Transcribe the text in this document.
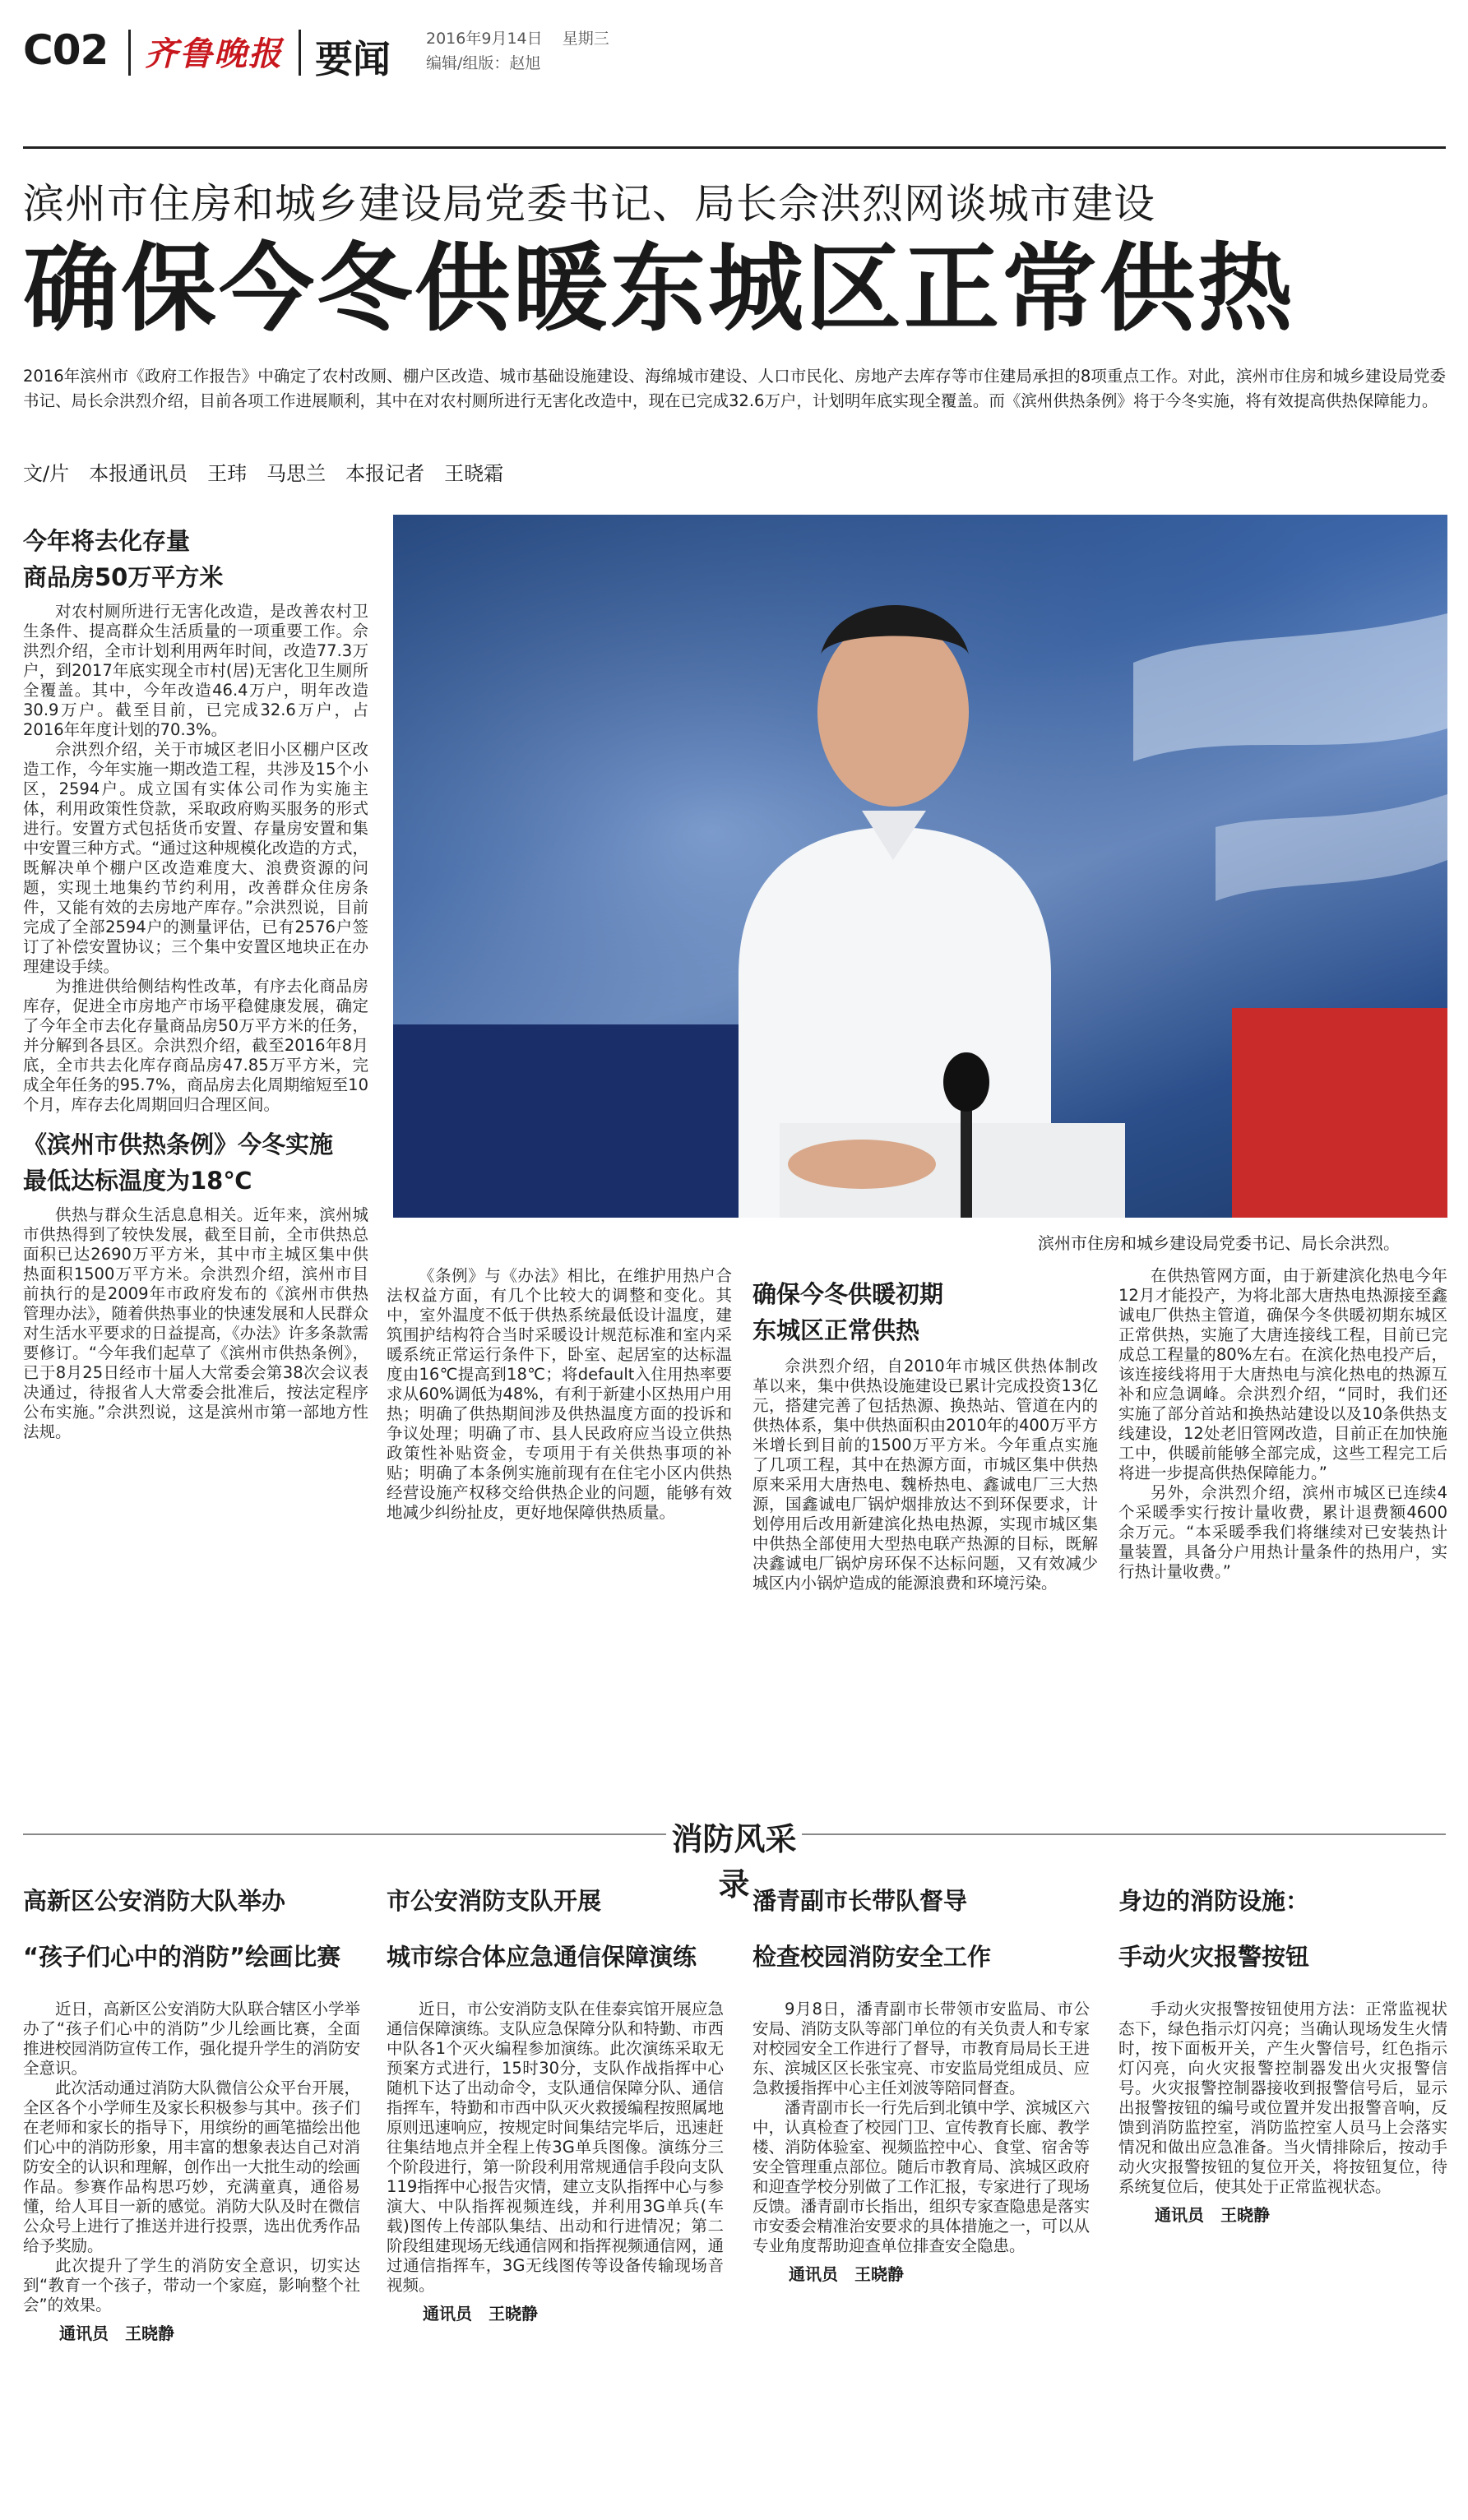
C02 齐鲁晚报 要闻 2016年9月14日 星期三
编辑/组版：赵旭
滨州市住房和城乡建设局党委书记、局长佘洪烈网谈城市建设
确保今冬供暖东城区正常供热
2016年滨州市《政府工作报告》中确定了农村改厕、棚户区改造、城市基础设施建设、海绵城市建设、人口市民化、房地产去库存等市住建局承担的8项重点工作。对此，滨州市住房和城乡建设局党委书记、局长佘洪烈介绍，目前各项工作进展顺利，其中在对农村厕所进行无害化改造中，现在已完成32.6万户，计划明年底实现全覆盖。而《滨州供热条例》将于今冬实施，将有效提高供热保障能力。
文/片　本报通讯员　王玮　马思兰　本报记者　王晓霜
今年将去化存量
商品房50万平方米

对农村厕所进行无害化改造，是改善农村卫生条件、提高群众生活质量的一项重要工作。佘洪烈介绍，全市计划利用两年时间，改造77.3万户，到2017年底实现全市村(居)无害化卫生厕所全覆盖。其中，今年改造46.4万户，明年改造30.9万户。截至目前，已完成32.6万户，占2016年年度计划的70.3%。

佘洪烈介绍，关于市城区老旧小区棚户区改造工作，今年实施一期改造工程，共涉及15个小区，2594户。成立国有实体公司作为实施主体，利用政策性贷款，采取政府购买服务的形式进行。安置方式包括货币安置、存量房安置和集中安置三种方式。“通过这种规模化改造的方式，既解决单个棚户区改造难度大、浪费资源的问题，实现土地集约节约利用，改善群众住房条件，又能有效的去房地产库存。”佘洪烈说，目前完成了全部2594户的测量评估，已有2576户签订了补偿安置协议；三个集中安置区地块正在办理建设手续。

为推进供给侧结构性改革，有序去化商品房库存，促进全市房地产市场平稳健康发展，确定了今年全市去化存量商品房50万平方米的任务，并分解到各县区。佘洪烈介绍，截至2016年8月底，全市共去化库存商品房47.85万平方米，完成全年任务的95.7%，商品房去化周期缩短至10个月，库存去化周期回归合理区间。

《滨州市供热条例》今冬实施
最低达标温度为18℃

供热与群众生活息息相关。近年来，滨州城市供热得到了较快发展，截至目前，全市供热总面积已达2690万平方米，其中市主城区集中供热面积1500万平方米。佘洪烈介绍，滨州市目前执行的是2009年市政府发布的《滨州市供热管理办法》，随着供热事业的快速发展和人民群众对生活水平要求的日益提高，《办法》许多条款需要修订。“今年我们起草了《滨州市供热条例》，已于8月25日经市十届人大常委会第38次会议表决通过，待报省人大常委会批准后，按法定程序公布实施。”佘洪烈说，这是滨州市第一部地方性法规。

滨州市住房和城乡建设局党委书记、局长佘洪烈。

《条例》与《办法》相比，在维护用热户合法权益方面，有几个比较大的调整和变化。其中，室外温度不低于供热系统最低设计温度，建筑围护结构符合当时采暖设计规范标准和室内采暖系统正常运行条件下，卧室、起居室的达标温度由16℃提高到18℃；将default入住用热率要求从60%调低为48%，有利于新建小区热用户用热；明确了供热期间涉及供热温度方面的投诉和争议处理；明确了市、县人民政府应当设立供热政策性补贴资金，专项用于有关供热事项的补贴；明确了本条例实施前现有在住宅小区内供热经营设施产权移交给供热企业的问题，能够有效地减少纠纷扯皮，更好地保障供热质量。

确保今冬供暖初期
东城区正常供热

佘洪烈介绍，自2010年市城区供热体制改革以来，集中供热设施建设已累计完成投资13亿元，搭建完善了包括热源、换热站、管道在内的供热体系，集中供热面积由2010年的400万平方米增长到目前的1500万平方米。今年重点实施了几项工程，其中在热源方面，市城区集中供热原来采用大唐热电、魏桥热电、鑫诚电厂三大热源，国鑫诚电厂锅炉烟排放达不到环保要求，计划停用后改用新建滨化热电热源，实现市城区集中供热全部使用大型热电联产热源的目标，既解决鑫诚电厂锅炉房环保不达标问题，又有效减少城区内小锅炉造成的能源浪费和环境污染。

在供热管网方面，由于新建滨化热电今年12月才能投产，为将北部大唐热电热源接至鑫诚电厂供热主管道，确保今冬供暖初期东城区正常供热，实施了大唐连接线工程，目前已完成总工程量的80%左右。在滨化热电投产后，该连接线将用于大唐热电与滨化热电的热源互补和应急调峰。佘洪烈介绍，“同时，我们还实施了部分首站和换热站建设以及10条供热支线建设，12处老旧管网改造，目前正在加快施工中，供暖前能够全部完成，这些工程完工后将进一步提高供热保障能力。”

另外，佘洪烈介绍，滨州市城区已连续4个采暖季实行按计量收费，累计退费额4600余万元。“本采暖季我们将继续对已安装热计量装置，具备分户用热计量条件的热用户，实行热计量收费。”

消防风采录
高新区公安消防大队举办
“孩子们心中的消防”绘画比赛

近日，高新区公安消防大队联合辖区小学举办了“孩子们心中的消防”少儿绘画比赛，全面推进校园消防宣传工作，强化提升学生的消防安全意识。

此次活动通过消防大队微信公众平台开展，全区各个小学师生及家长积极参与其中。孩子们在老师和家长的指导下，用缤纷的画笔描绘出他们心中的消防形象，用丰富的想象表达自己对消防安全的认识和理解，创作出一大批生动的绘画作品。参赛作品构思巧妙，充满童真，通俗易懂，给人耳目一新的感觉。消防大队及时在微信公众号上进行了推送并进行投票，选出优秀作品给予奖励。

此次提升了学生的消防安全意识，切实达到“教育一个孩子，带动一个家庭，影响整个社会”的效果。

通讯员　王晓静
市公安消防支队开展
城市综合体应急通信保障演练

近日，市公安消防支队在佳泰宾馆开展应急通信保障演练。支队应急保障分队和特勤、市西中队各1个灭火编程参加演练。此次演练采取无预案方式进行，15时30分，支队作战指挥中心随机下达了出动命令，支队通信保障分队、通信指挥车，特勤和市西中队灭火救援编程按照属地原则迅速响应，按规定时间集结完毕后，迅速赶往集结地点并全程上传3G单兵图像。演练分三个阶段进行，第一阶段利用常规通信手段向支队119指挥中心报告灾情，建立支队指挥中心与参演大、中队指挥视频连线，并利用3G单兵(车载)图传上传部队集结、出动和行进情况；第二阶段组建现场无线通信网和指挥视频通信网，通过通信指挥车，3G无线图传等设备传输现场音视频。

通讯员　王晓静
潘青副市长带队督导
检查校园消防安全工作

9月8日，潘青副市长带领市安监局、市公安局、消防支队等部门单位的有关负责人和专家对校园安全工作进行了督导，市教育局局长王进东、滨城区区长张宝亮、市安监局党组成员、应急救援指挥中心主任刘波等陪同督查。

潘青副市长一行先后到北镇中学、滨城区六中，认真检查了校园门卫、宣传教育长廊、教学楼、消防体验室、视频监控中心、食堂、宿舍等安全管理重点部位。随后市教育局、滨城区政府和迎查学校分别做了工作汇报，专家进行了现场反馈。潘青副市长指出，组织专家查隐患是落实市安委会精准治安要求的具体措施之一，可以从专业角度帮助迎查单位排查安全隐患。

通讯员　王晓静
身边的消防设施：
手动火灾报警按钮

手动火灾报警按钮使用方法：正常监视状态下，绿色指示灯闪亮；当确认现场发生火情时，按下面板开关，产生火警信号，红色指示灯闪亮，向火灾报警控制器发出火灾报警信号。火灾报警控制器接收到报警信号后，显示出报警按钮的编号或位置并发出报警音响，反馈到消防监控室，消防监控室人员马上会落实情况和做出应急准备。当火情排除后，按动手动火灾报警按钮的复位开关，将按钮复位，待系统复位后，使其处于正常监视状态。

通讯员　王晓静
